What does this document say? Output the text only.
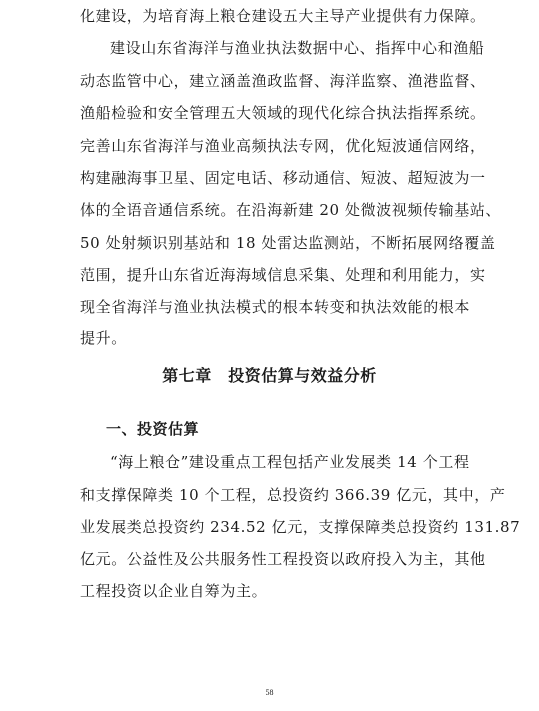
化建设，为培育海上粮仓建设五大主导产业提供有力保障。
建设山东省海洋与渔业执法数据中心、指挥中心和渔船
动态监管中心，建立涵盖渔政监督、海洋监察、渔港监督、
渔船检验和安全管理五大领域的现代化综合执法指挥系统。
完善山东省海洋与渔业高频执法专网，优化短波通信网络，
构建融海事卫星、固定电话、移动通信、短波、超短波为一
体的全语音通信系统。在沿海新建 20 处微波视频传输基站、
50 处射频识别基站和 18 处雷达监测站，不断拓展网络覆盖
范围，提升山东省近海海域信息采集、处理和利用能力，实
现全省海洋与渔业执法模式的根本转变和执法效能的根本
提升。
第七章　投资估算与效益分析
一、投资估算
“海上粮仓”建设重点工程包括产业发展类 14 个工程
和支撑保障类 10 个工程，总投资约 366.39 亿元，其中，产
业发展类总投资约 234.52 亿元，支撑保障类总投资约 131.87
亿元。公益性及公共服务性工程投资以政府投入为主，其他
工程投资以企业自筹为主。
58
